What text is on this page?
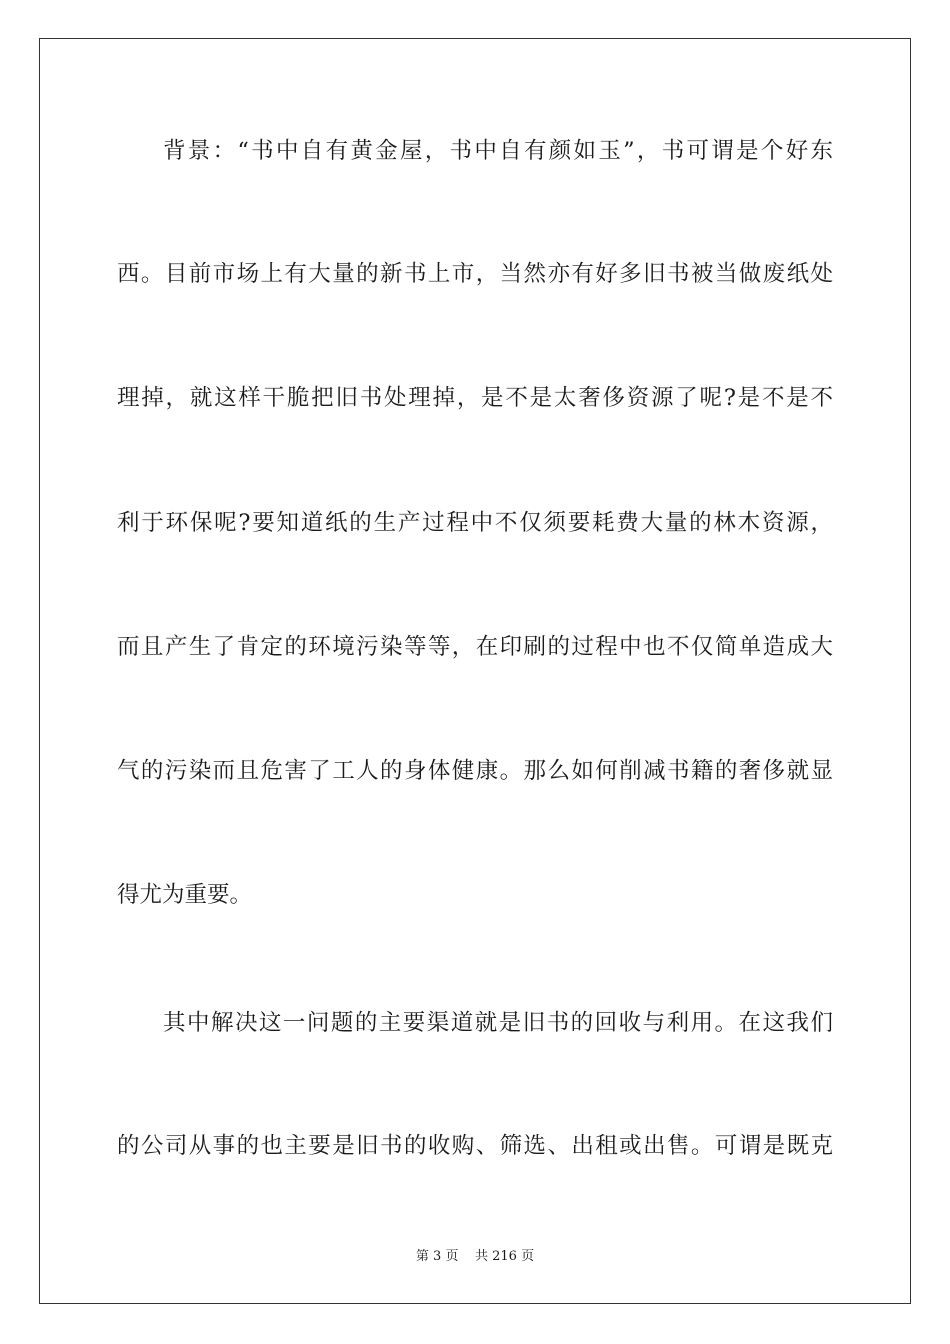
背景：“书中自有黄金屋，书中自有颜如玉”，书可谓是个好东
西。目前市场上有大量的新书上市，当然亦有好多旧书被当做废纸处
理掉，就这样干脆把旧书处理掉，是不是太奢侈资源了呢?是不是不
利于环保呢?要知道纸的生产过程中不仅须要耗费大量的林木资源，
而且产生了肯定的环境污染等等，在印刷的过程中也不仅简单造成大
气的污染而且危害了工人的身体健康。那么如何削减书籍的奢侈就显
得尤为重要。
其中解决这一问题的主要渠道就是旧书的回收与利用。在这我们
的公司从事的也主要是旧书的收购、筛选、出租或出售。可谓是既克
第 3 页    共 216 页
